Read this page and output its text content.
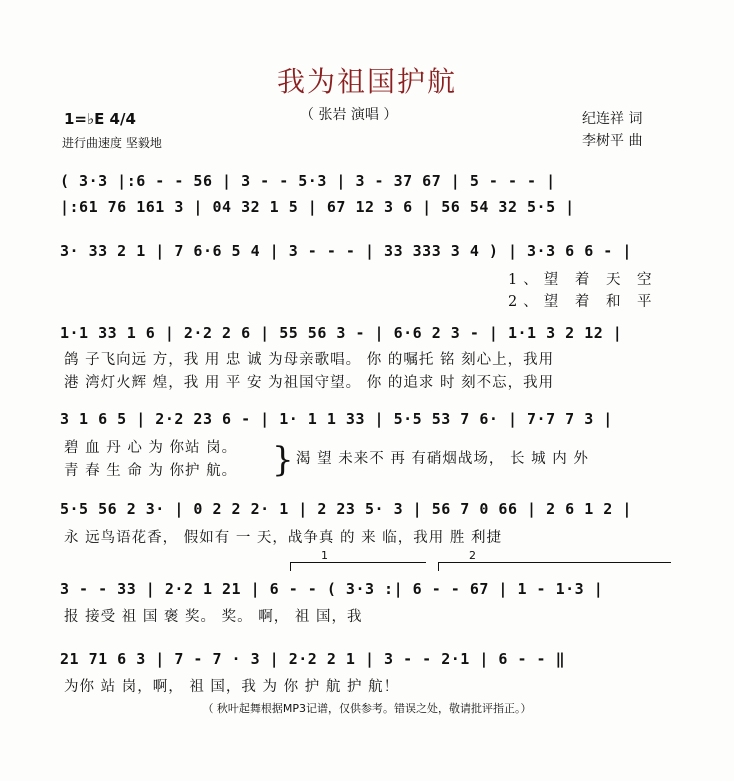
我为祖国护航
（ 张岩 演唱 ）
1=♭E 4/4
进行曲速度 坚毅地
纪连祥 词
李树平 曲
( 3·3 |:6 - - 56 | 3 - - 5·3 | 3 - 37 67 | 5 - - - |
|:61 76 161 3 | 04 32 1 5 | 67 12 3 6 | 56 54 32 5·5 |
3· 33 2 1 | 7 6·6 5 4 | 3 - - - | 33 333 3 4 ) | 3·3 6 6 - |
1、望 着 天 空
2、望 着 和 平
1·1 33 1 6 | 2·2 2 6 | 55 56 3 - | 6·6 2 3 - | 1·1 3 2 12 |
鸽 子飞向远 方，我 用 忠 诚 为母亲歌唱。 你 的嘱托 铭 刻心上，我用
港 湾灯火辉 煌，我 用 平 安 为祖国守望。 你 的追求 时 刻不忘，我用
3 1 6 5 | 2·2 23 6 - | 1· 1 1 33 | 5·5 53 7 6· | 7·7 7 3 |
碧 血 丹 心 为 你站 岗。
青 春 生 命 为 你护 航。	} 渴 望 未来不 再 有硝烟战场， 长 城 内 外
5·5 56 2 3· | 0 2 2 2· 1 | 2 23 5· 3 | 56 7 0 66 | 2 6 1 2 |
永 远鸟语花香， 假如有 一 天，战争真 的 来 临，我用 胜 利捷
1	2
3 - - 33 | 2·2 1 21 | 6 - - ( 3·3 :| 6 - - 67 | 1 - 1·3 |
报 接受 祖 国 褒 奖。 奖。 啊， 祖 国，我
21 71 6 3 | 7 - 7 · 3 | 2·2 2 1 | 3 - - 2·1 | 6 - - ‖
为你 站 岗，啊， 祖 国，我 为 你 护 航 护 航！
（ 秋叶起舞根据MP3记谱，仅供参考。错误之处，敬请批评指正。）
